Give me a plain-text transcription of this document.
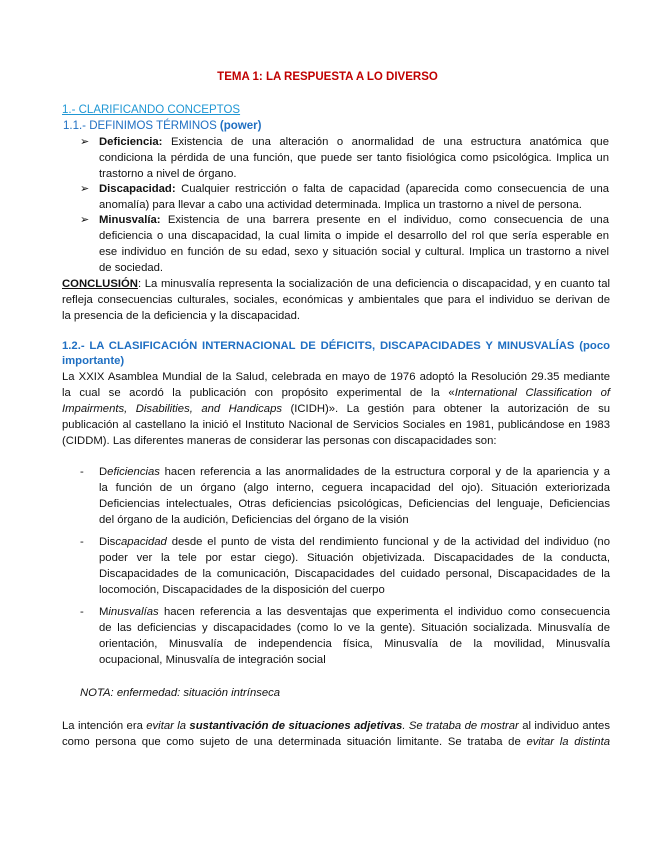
TEMA 1: LA RESPUESTA A LO DIVERSO
1.- CLARIFICANDO CONCEPTOS
1.1.- DEFINIMOS TÉRMINOS (power)
➢ Deficiencia: Existencia de una alteración o anormalidad de una estructura anatómica que
condiciona la pérdida de una función, que puede ser tanto fisiológica como psicológica. Implica un
trastorno a nivel de órgano.
➢ Discapacidad: Cualquier restricción o falta de capacidad (aparecida como consecuencia de una
anomalía) para llevar a cabo una actividad determinada. Implica un trastorno a nivel de persona.
➢ Minusvalía: Existencia de una barrera presente en el individuo, como consecuencia de una
deficiencia o una discapacidad, la cual limita o impide el desarrollo del rol que sería esperable en
ese individuo en función de su edad, sexo y situación social y cultural. Implica un trastorno a nivel
de sociedad.
CONCLUSIÓN: La minusvalía representa la socialización de una deficiencia o discapacidad, y en cuanto tal
refleja consecuencias culturales, sociales, económicas y ambientales que para el individuo se derivan de
la presencia de la deficiencia y la discapacidad.
1.2.- LA CLASIFICACIÓN INTERNACIONAL DE DÉFICITS, DISCAPACIDADES Y MINUSVALÍAS (poco
importante)
La XXIX Asamblea Mundial de la Salud, celebrada en mayo de 1976 adoptó la Resolución 29.35 mediante
la cual se acordó la publicación con propósito experimental de la «International Classification of
Impairments, Disabilities, and Handicaps (ICIDH)». La gestión para obtener la autorización de su
publicación al castellano la inició el Instituto Nacional de Servicios Sociales en 1981, publicándose en 1983
(CIDDM). Las diferentes maneras de considerar las personas con discapacidades son:
- Deficiencias hacen referencia a las anormalidades de la estructura corporal y de la apariencia y a
la función de un órgano (algo interno, ceguera incapacidad del ojo). Situación exteriorizada
Deficiencias intelectuales, Otras deficiencias psicológicas, Deficiencias del lenguaje, Deficiencias
del órgano de la audición, Deficiencias del órgano de la visión
- Discapacidad desde el punto de vista del rendimiento funcional y de la actividad del individuo (no
poder ver la tele por estar ciego). Situación objetivizada. Discapacidades de la conducta,
Discapacidades de la comunicación, Discapacidades del cuidado personal, Discapacidades de la
locomoción, Discapacidades de la disposición del cuerpo
- Minusvalías hacen referencia a las desventajas que experimenta el individuo como consecuencia
de las deficiencias y discapacidades (como lo ve la gente). Situación socializada. Minusvalía de
orientación, Minusvalía de independencia física, Minusvalía de la movilidad, Minusvalía
ocupacional, Minusvalía de integración social
NOTA: enfermedad: situación intrínseca
La intención era evitar la sustantivación de situaciones adjetivas. Se trataba de mostrar al individuo antes
como persona que como sujeto de una determinada situación limitante. Se trataba de evitar la distinta
